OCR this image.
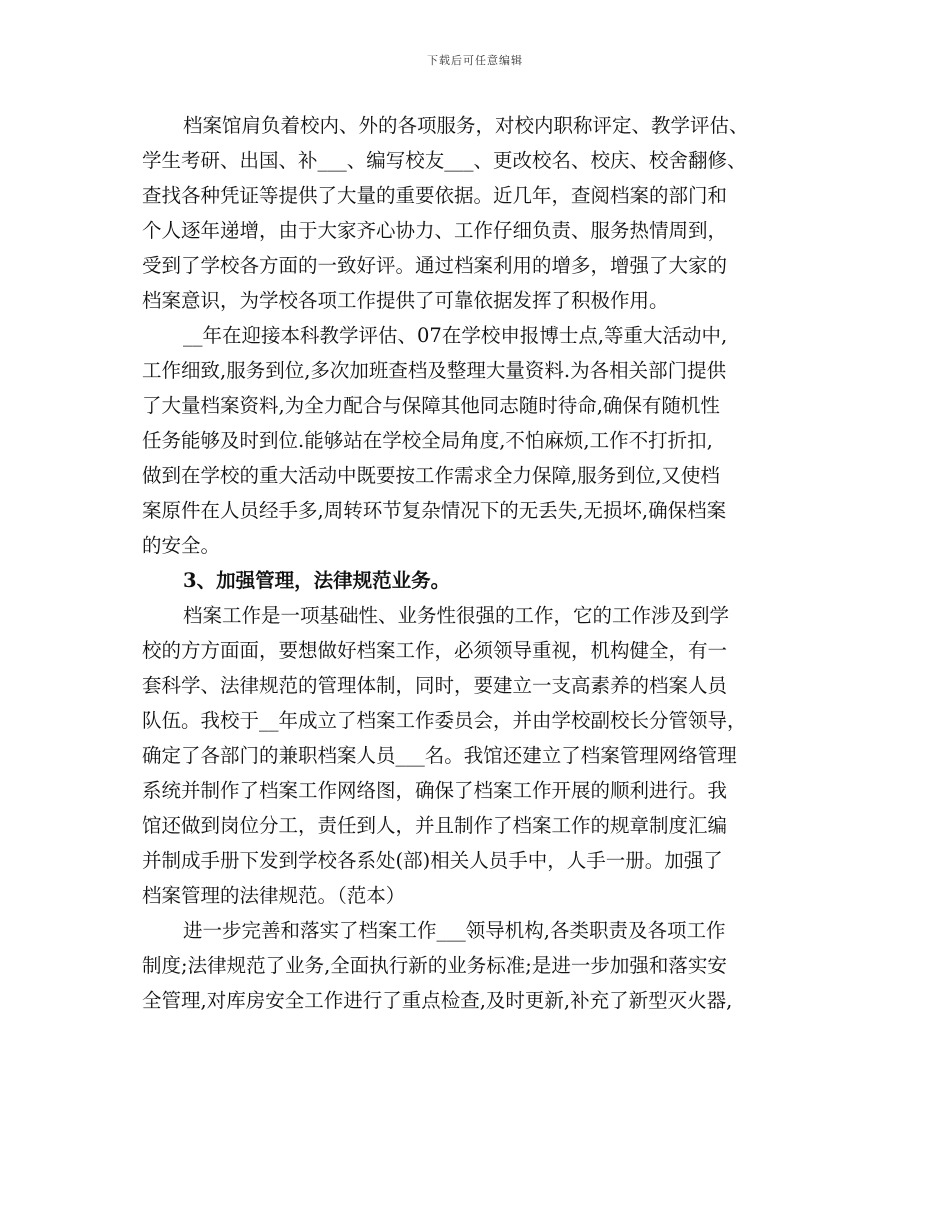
下载后可任意编辑
档案馆肩负着校内、外的各项服务，对校内职称评定、教学评估、
学生考研、出国、补___、编写校友___、更改校名、校庆、校舍翻修、
查找各种凭证等提供了大量的重要依据。近几年，查阅档案的部门和
个人逐年递增，由于大家齐心协力、工作仔细负责、服务热情周到，
受到了学校各方面的一致好评。通过档案利用的增多，增强了大家的
档案意识，为学校各项工作提供了可靠依据发挥了积极作用。
__年在迎接本科教学评估、07在学校申报博士点,等重大活动中,
工作细致,服务到位,多次加班查档及整理大量资料.为各相关部门提供
了大量档案资料,为全力配合与保障其他同志随时待命,确保有随机性
任务能够及时到位.能够站在学校全局角度,不怕麻烦,工作不打折扣,
做到在学校的重大活动中既要按工作需求全力保障,服务到位,又使档
案原件在人员经手多,周转环节复杂情况下的无丢失,无损坏,确保档案
的安全。
3、加强管理，法律规范业务。
档案工作是一项基础性、业务性很强的工作，它的工作涉及到学
校的方方面面，要想做好档案工作，必须领导重视，机构健全，有一
套科学、法律规范的管理体制，同时，要建立一支高素养的档案人员
队伍。我校于__年成立了档案工作委员会，并由学校副校长分管领导，
确定了各部门的兼职档案人员___名。我馆还建立了档案管理网络管理
系统并制作了档案工作网络图，确保了档案工作开展的顺利进行。我
馆还做到岗位分工，责任到人，并且制作了档案工作的规章制度汇编
并制成手册下发到学校各系处(部)相关人员手中，人手一册。加强了
档案管理的法律规范。（范本）
进一步完善和落实了档案工作___领导机构,各类职责及各项工作
制度;法律规范了业务,全面执行新的业务标准;是进一步加强和落实安
全管理,对库房安全工作进行了重点检查,及时更新,补充了新型灭火器,
